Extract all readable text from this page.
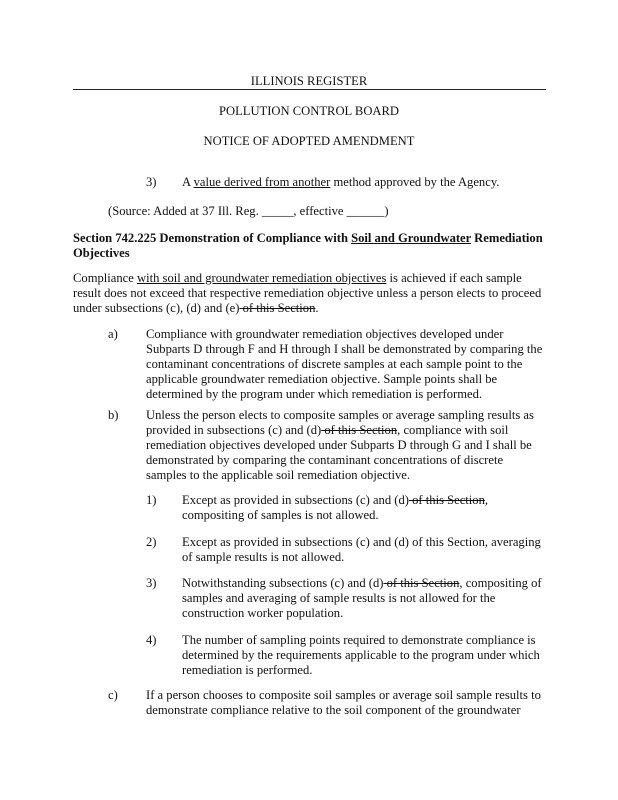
ILLINOIS REGISTER
POLLUTION CONTROL BOARD
NOTICE OF ADOPTED AMENDMENT
3) A value derived from another method approved by the Agency.
(Source: Added at 37 Ill. Reg. _____, effective ______)
Section 742.225 Demonstration of Compliance with Soil and Groundwater Remediation Objectives
Compliance with soil and groundwater remediation objectives is achieved if each sample result does not exceed that respective remediation objective unless a person elects to proceed under subsections (c), (d) and (e) of this Section.
a) Compliance with groundwater remediation objectives developed under Subparts D through F and H through I shall be demonstrated by comparing the contaminant concentrations of discrete samples at each sample point to the applicable groundwater remediation objective. Sample points shall be determined by the program under which remediation is performed.
b) Unless the person elects to composite samples or average sampling results as provided in subsections (c) and (d) of this Section, compliance with soil remediation objectives developed under Subparts D through G and I shall be demonstrated by comparing the contaminant concentrations of discrete samples to the applicable soil remediation objective.
1) Except as provided in subsections (c) and (d) of this Section, compositing of samples is not allowed.
2) Except as provided in subsections (c) and (d) of this Section, averaging of sample results is not allowed.
3) Notwithstanding subsections (c) and (d) of this Section, compositing of samples and averaging of sample results is not allowed for the construction worker population.
4) The number of sampling points required to demonstrate compliance is determined by the requirements applicable to the program under which remediation is performed.
c) If a person chooses to composite soil samples or average soil sample results to demonstrate compliance relative to the soil component of the groundwater
